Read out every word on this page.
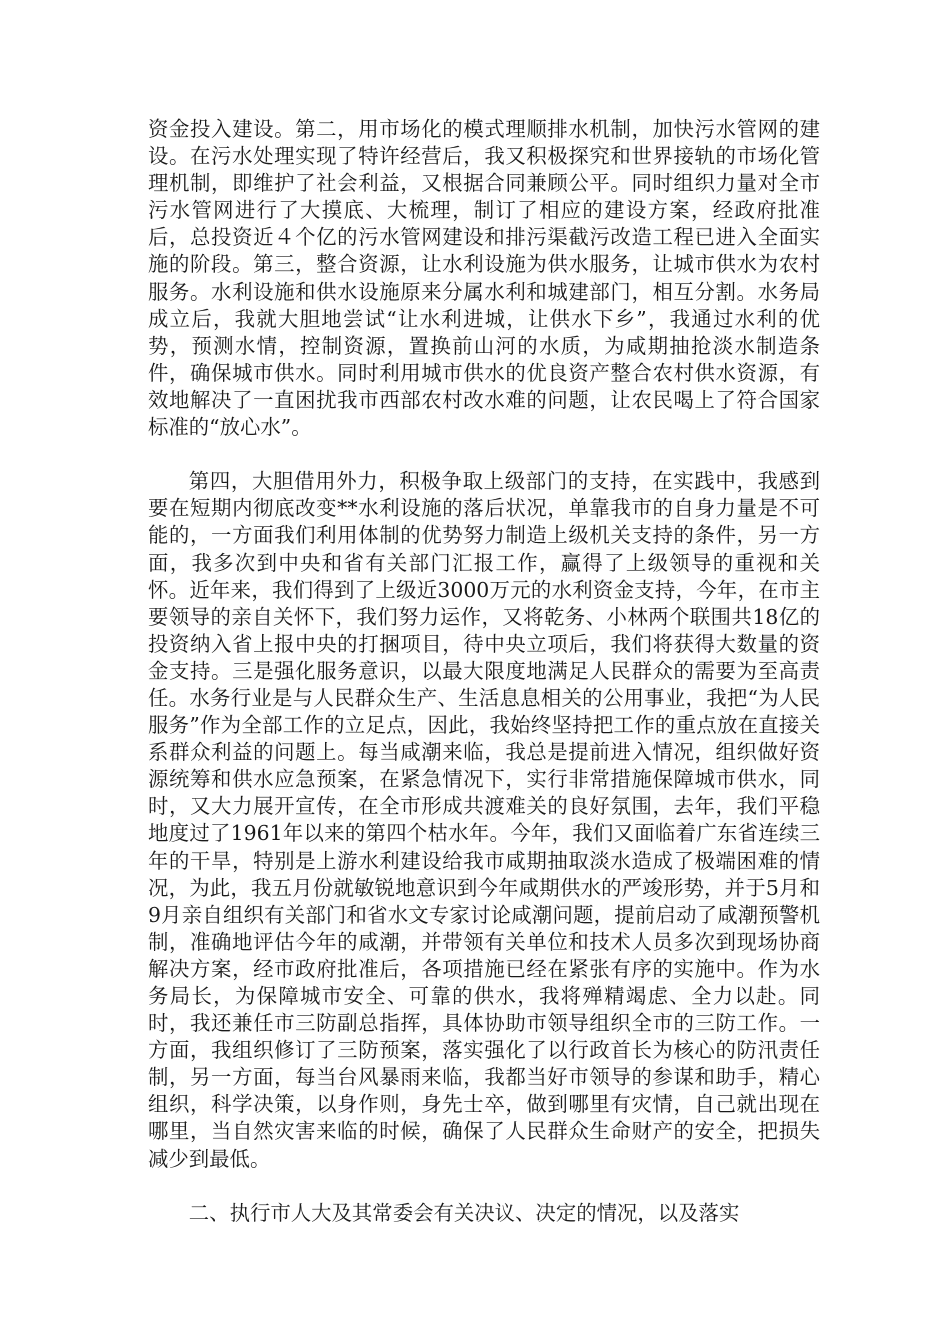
资金投入建设。第二，用市场化的模式理顺排水机制，加快污水管网的建设。在污水处理实现了特许经营后，我又积极探究和世界接轨的市场化管理机制，即维护了社会利益，又根据合同兼顾公平。同时组织力量对全市污水管网进行了大摸底、大梳理，制订了相应的建设方案，经政府批准后，总投资近４个亿的污水管网建设和排污渠截污改造工程已进入全面实施的阶段。第三，整合资源，让水利设施为供水服务，让城市供水为农村服务。水利设施和供水设施原来分属水利和城建部门，相互分割。水务局成立后，我就大胆地尝试“让水利进城，让供水下乡”，我通过水利的优势，预测水情，控制资源，置换前山河的水质，为咸期抽抢淡水制造条件，确保城市供水。同时利用城市供水的优良资产整合农村供水资源，有效地解决了一直困扰我市西部农村改水难的问题，让农民喝上了符合国家标准的“放心水”。

第四，大胆借用外力，积极争取上级部门的支持，在实践中，我感到要在短期内彻底改变**水利设施的落后状况，单靠我市的自身力量是不可能的，一方面我们利用体制的优势努力制造上级机关支持的条件，另一方面，我多次到中央和省有关部门汇报工作，赢得了上级领导的重视和关怀。近年来，我们得到了上级近3000万元的水利资金支持，今年，在市主要领导的亲自关怀下，我们努力运作，又将乾务、小林两个联围共18亿的投资纳入省上报中央的打捆项目，待中央立项后，我们将获得大数量的资金支持。三是强化服务意识，以最大限度地满足人民群众的需要为至高责任。水务行业是与人民群众生产、生活息息相关的公用事业，我把“为人民服务”作为全部工作的立足点，因此，我始终坚持把工作的重点放在直接关系群众利益的问题上。每当咸潮来临，我总是提前进入情况，组织做好资源统筹和供水应急预案，在紧急情况下，实行非常措施保障城市供水，同时，又大力展开宣传，在全市形成共渡难关的良好氛围，去年，我们平稳地度过了1961年以来的第四个枯水年。今年，我们又面临着广东省连续三年的干旱，特别是上游水利建设给我市咸期抽取淡水造成了极端困难的情况，为此，我五月份就敏锐地意识到今年咸期供水的严竣形势，并于5月和9月亲自组织有关部门和省水文专家讨论咸潮问题，提前启动了咸潮预警机制，准确地评估今年的咸潮，并带领有关单位和技术人员多次到现场协商解决方案，经市政府批准后，各项措施已经在紧张有序的实施中。作为水务局长，为保障城市安全、可靠的供水，我将殚精竭虑、全力以赴。同时，我还兼任市三防副总指挥，具体协助市领导组织全市的三防工作。一方面，我组织修订了三防预案，落实强化了以行政首长为核心的防汛责任制，另一方面，每当台风暴雨来临，我都当好市领导的参谋和助手，精心组织，科学决策，以身作则，身先士卒，做到哪里有灾情，自己就出现在哪里，当自然灾害来临的时候，确保了人民群众生命财产的安全，把损失减少到最低。

二、执行市人大及其常委会有关决议、决定的情况，以及落实
